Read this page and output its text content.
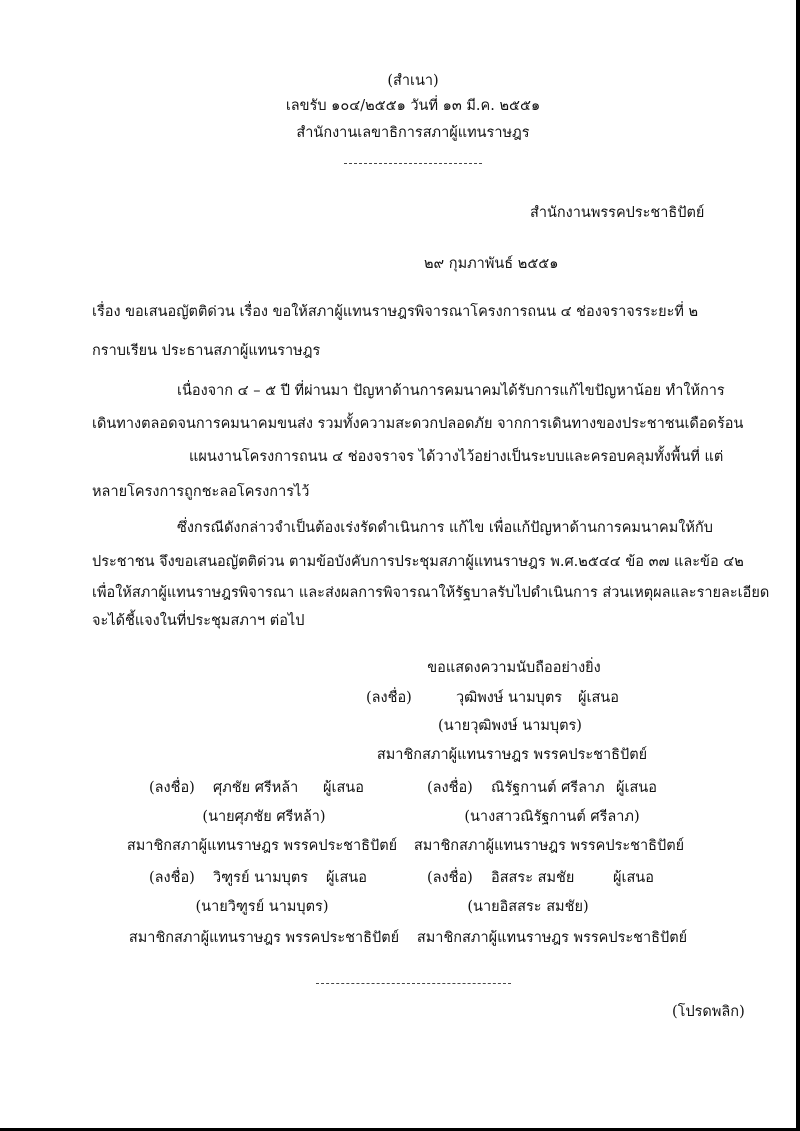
(สำเนา)
เลขรับ ๑๐๔/๒๕๕๑ วันที่ ๑๓ มี.ค. ๒๕๕๑
สำนักงานเลขาธิการสภาผู้แทนราษฎร
สำนักงานพรรคประชาธิปัตย์
๒๙ กุมภาพันธ์ ๒๕๕๑
เรื่อง ขอเสนอญัตติด่วน เรื่อง ขอให้สภาผู้แทนราษฎรพิจารณาโครงการถนน ๔ ช่องจราจรระยะที่ ๒
กราบเรียน ประธานสภาผู้แทนราษฎร
เนื่องจาก ๔ – ๕ ปี ที่ผ่านมา ปัญหาด้านการคมนาคมได้รับการแก้ไขปัญหาน้อย ทำให้การ
เดินทางตลอดจนการคมนาคมขนส่ง รวมทั้งความสะดวกปลอดภัย จากการเดินทางของประชาชนเดือดร้อน
แผนงานโครงการถนน ๔ ช่องจราจร ได้วางไว้อย่างเป็นระบบและครอบคลุมทั้งพื้นที่ แต่
หลายโครงการถูกชะลอโครงการไว้
ซึ่งกรณีดังกล่าวจำเป็นต้องเร่งรัดดำเนินการ แก้ไข เพื่อแก้ปัญหาด้านการคมนาคมให้กับ
ประชาชน จึงขอเสนอญัตติด่วน ตามข้อบังคับการประชุมสภาผู้แทนราษฎร พ.ศ.๒๕๔๔ ข้อ ๓๗ และข้อ ๔๒
เพื่อให้สภาผู้แทนราษฎรพิจารณา และส่งผลการพิจารณาให้รัฐบาลรับไปดำเนินการ ส่วนเหตุผลและรายละเอียด
จะได้ชี้แจงในที่ประชุมสภาฯ ต่อไป
ขอแสดงความนับถืออย่างยิ่ง
(ลงชื่อ)	วุฒิพงษ์ นามบุตร ผู้เสนอ
(นายวุฒิพงษ์ นามบุตร)
สมาชิกสภาผู้แทนราษฎร พรรคประชาธิปัตย์
(ลงชื่อ) ศุภชัย ศรีหล้า ผู้เสนอ
(นายศุภชัย ศรีหล้า)
สมาชิกสภาผู้แทนราษฎร พรรคประชาธิปัตย์
(ลงชื่อ) ณิรัฐกานต์ ศรีลาภ ผู้เสนอ
(นางสาวณิรัฐกานต์ ศรีลาภ)
สมาชิกสภาผู้แทนราษฎร พรรคประชาธิปัตย์
(ลงชื่อ) วิฑูรย์ นามบุตร ผู้เสนอ
(นายวิฑูรย์ นามบุตร)
สมาชิกสภาผู้แทนราษฎร พรรคประชาธิปัตย์
(ลงชื่อ) อิสสระ สมชัย	ผู้เสนอ
(นายอิสสระ สมชัย)
สมาชิกสภาผู้แทนราษฎร พรรคประชาธิปัตย์
(โปรดพลิก)
